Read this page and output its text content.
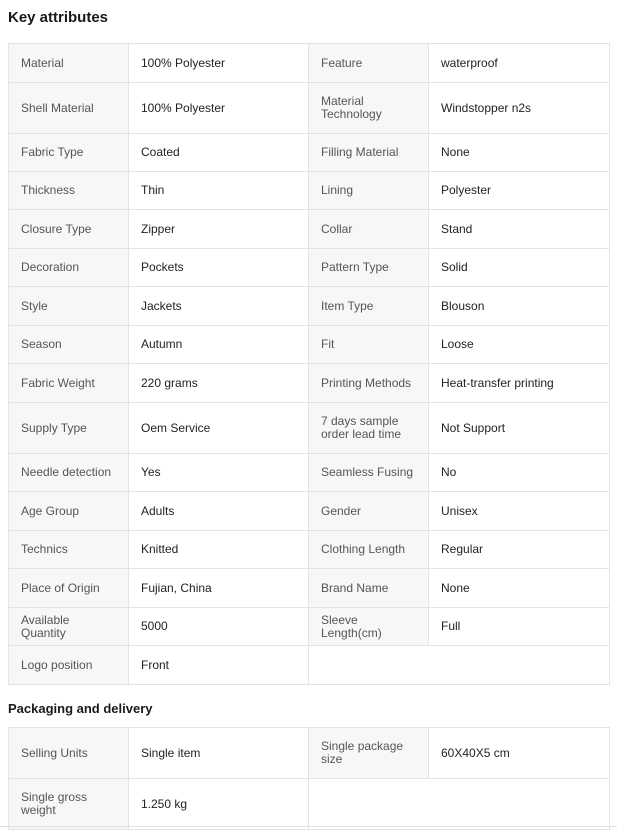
Key attributes
Material	100% Polyester	Feature	waterproof
Shell Material	100% Polyester	Material Technology	Windstopper n2s
Fabric Type	Coated	Filling Material	None
Thickness	Thin	Lining	Polyester
Closure Type	Zipper	Collar	Stand
Decoration	Pockets	Pattern Type	Solid
Style	Jackets	Item Type	Blouson
Season	Autumn	Fit	Loose
Fabric Weight	220 grams	Printing Methods	Heat-transfer printing
Supply Type	Oem Service	7 days sample order lead time	Not Support
Needle detection	Yes	Seamless Fusing	No
Age Group	Adults	Gender	Unisex
Technics	Knitted	Clothing Length	Regular
Place of Origin	Fujian, China	Brand Name	None
Available Quantity	5000	Sleeve Length(cm)	Full
Logo position	Front		
Packaging and delivery
Selling Units	Single item	Single package size	60X40X5 cm
Single gross weight	1.250 kg		
